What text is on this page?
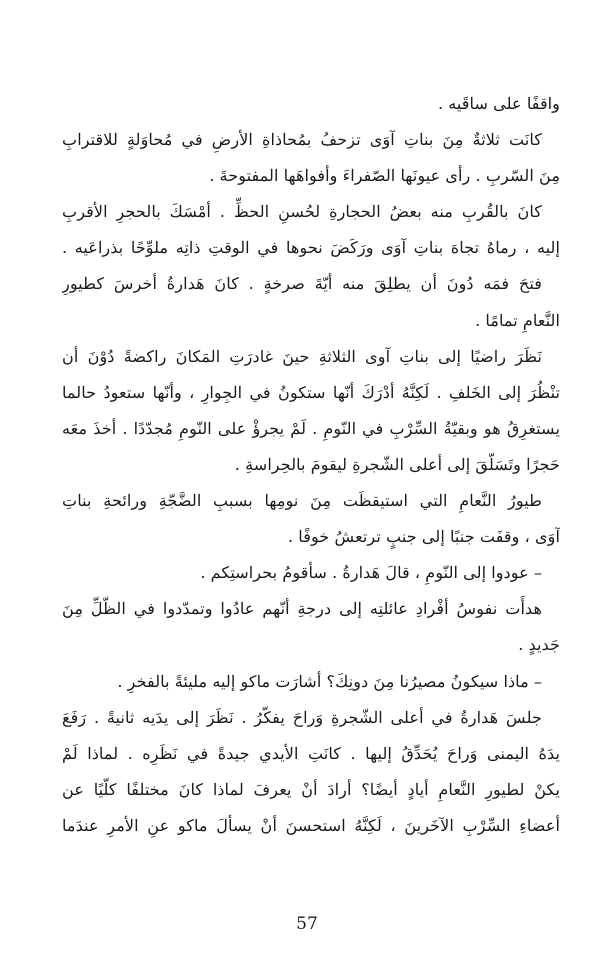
واقفًا على ساقَيه .
كانَت ثلاثةٌ مِنَ بناتِ آوَى تزحفُ بمُحاذاةِ الأرضِ في مُحاوَلةٍ للاقترابِ
مِنَ السّربِ . رأى عيونَها الصّفراءَ وأفواهَها المفتوحةَ .
كانَ بالقُربِ منه بعضُ الحجارةِ لحُسنِ الحظِّ . أمْسَكَ بالحجرِ الأقربِ
إليه ، رماهُ تجاهَ بناتِ آوَى ورَكَضَ نحوها في الوقتِ ذاتِه ملوِّحًا بذراعَيه .
فتحَ فمَه دُونَ أن يطلِقَ منه أيّةَ صرخةٍ . كانَ هَدارةُ أخرسَ كطيورِ
النَّعامِ تمامًا .
نَظَرَ راضيًا إلى بناتِ آوى الثلاثةِ حينَ غادرَتِ المَكانَ راكضةً دُوْنَ أن
تنْظُرَ إلى الخَلفِ . لَكِنَّهُ أدْرَكَ أنّها ستكونُ في الجِوارِ ، وأنّها ستعودُ حالما
يستغرِقُ هو وبقيّةُ السِّرْبِ في النّومِ . لَمْ يجرؤْ على النّومِ مُجدّدًا . أخذَ معَه
حَجرًا وتَسَلّقَ إلى أعلى الشّجرةِ ليقومَ بالحِراسةِ .
طيورُ النَّعامِ التي استيقظَت مِنَ نومِها بسببِ الضَّجّةِ ورائحةِ بناتِ
آوَى ، وقفَت جنبًا إلى جنبٍ ترتعشُ خوفًا .
– عودوا إلى النّومِ ، قالَ هَدارةُ . سأقومُ بحراستِكم .
هدأَت نفوسُ أفْرادِ عائلتِه إلى درجةِ أنّهم عادُوا وتمدّدوا في الظّلِّ مِنَ
جَديدٍ .
– ماذا سيكونُ مصيرُنا مِنَ دونِكَ؟ أشارَت ماكو إليه مليئةً بالفخرِ .
جلسَ هَدارةُ في أعلى الشّجرةِ وَراحَ يفكّرُ . نَظَرَ إلى يدَيه ثانيةً . رَفَعَ
يدَهُ اليمنى وَراحَ يُحَدِّقُ إليها . كانَتِ الأيدي جيدةً في نَظَرِه . لماذا لَمْ
يكنْ لطيورِ النَّعامِ أيادٍ أيضًا؟ أرادَ أنْ يعرفَ لماذا كانَ مختلفًا كلّيًا عن
أعضاءِ السِّرْبِ الآخَرينَ ، لَكِنَّهُ استحسنَ أنْ يسألَ ماكو عنِ الأمرِ عندَما
57
